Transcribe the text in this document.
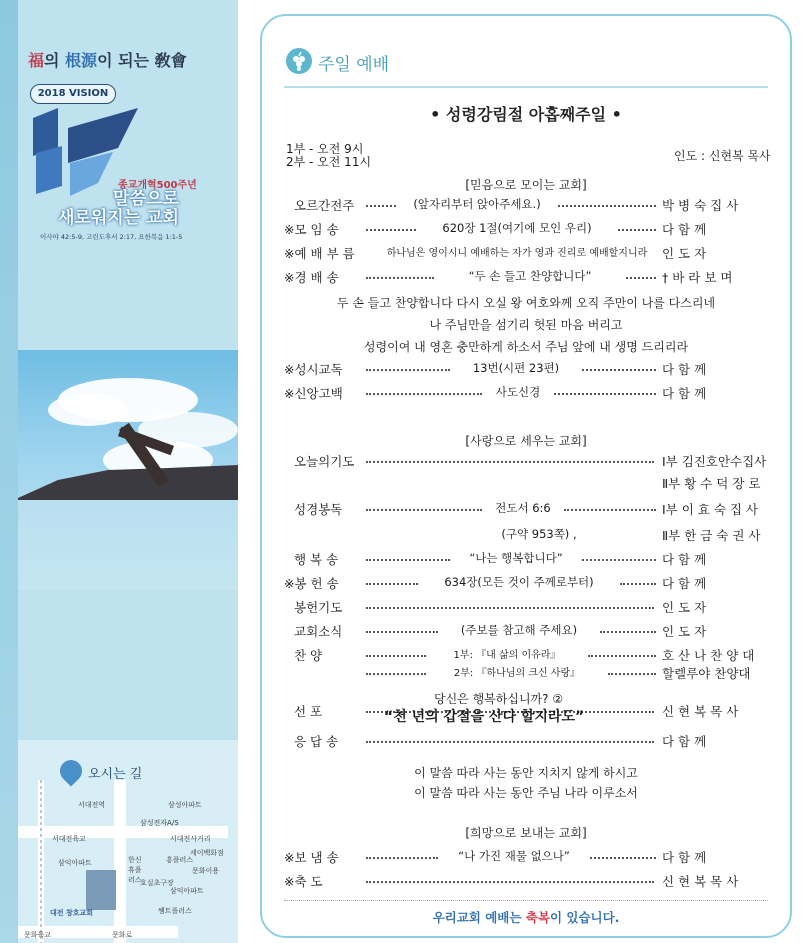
福의 根源이 되는 敎會
2018 VISION
종교개혁500주년
말씀으로
새로워지는 교회
이사야 42:5-9, 고린도후서 2:17, 요한복음 1:1-5
오시는 길
서대전역	삼성아파트
삼성전자A/S
서대전육교	서대전사거리
삼익아파트	한신 휴플러스
흥플러스
세이백화점
문화이용
호실초구장
삼익아파트
대전 창호교회	쌤트플러스
문화육교	문화로
주일 예배
• 성령강림절 아홉째주일 •
1부 - 오전 9시
2부 - 오전 11시	인도 : 신현복 목사
[믿음으로 모이는 교회]
[사랑으로 세우는 교회]
[희망으로 보내는 교회]
오르간전주	(앞자리부터 앉아주세요.)	박 병 숙 집 사
※모 임 송	620장 1절(여기에 모인 우리)	다 함 께
※예 배 부 름	하나님은 영이시니 예배하는 자가 영과 진리로 예배할지니라	인 도 자
※경 배 송	“두 손 들고 찬양합니다”	† 바 라 보 며
※성시교독	13번(시편 23편)	다 함 께
※신앙고백	사도신경	다 함 께
오늘의기도	Ⅰ부 김진호안수집사
Ⅱ부 황 수 덕 장 로
성경봉독	전도서 6:6	Ⅰ부 이 효 숙 집 사
(구약 953쪽) ,	Ⅱ부 한 금 숙 권 사
행 복 송	“나는 행복합니다”	다 함 께
※봉 헌 송	634장(모든 것이 주께로부터)	다 함 께
봉헌기도	인 도 자
교회소식	(주보를 참고해 주세요)	인 도 자
찬 양	1부: 『내 삶의 이유라』	호 산 나 찬 양 대
2부: 『하나님의 크신 사랑』	할렐루야 찬양대
선 포	신 현 복 목 사
응 답 송	다 함 께
※보 냄 송	“나 가진 재물 없으나”	다 함 께
※축 도	신 현 복 목 사
두 손 들고 찬양합니다 다시 오실 왕 여호와께 오직 주만이 나를 다스리네
나 주님만을 섬기리 헛된 마음 버리고
성령이여 내 영혼 충만하게 하소서 주님 앞에 내 생명 드리리라
당신은 행복하십니까? ②
“천 년의 갑절을 산다 할지라도”
이 말씀 따라 사는 동안 지치지 않게 하시고
이 말씀 따라 사는 동안 주님 나라 이루소서
우리교회 예배는 축복이 있습니다.
